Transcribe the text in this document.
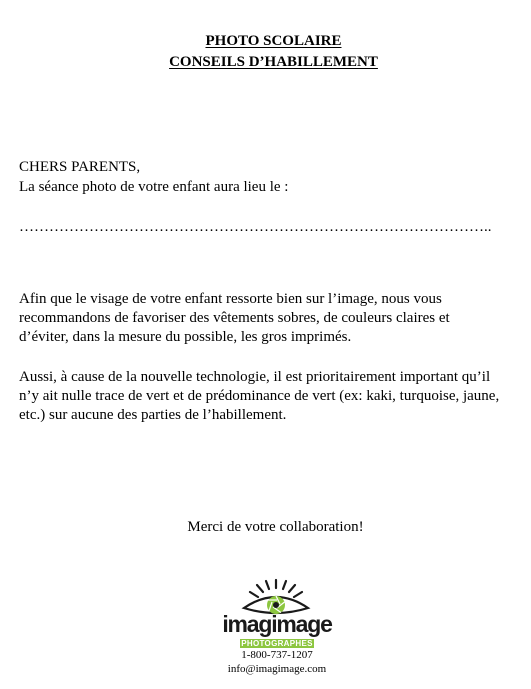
PHOTO SCOLAIRE
CONSEILS D’HABILLEMENT
CHERS PARENTS,
La séance photo de votre enfant aura lieu le :
…………………………………………………………………………………..
Afin que le visage de votre enfant ressorte bien sur l’image, nous vous recommandons de favoriser des vêtements sobres, de couleurs claires et d’éviter, dans la mesure du possible, les gros imprimés.
Aussi, à cause de la nouvelle technologie, il est prioritairement important qu’il n’y ait nulle trace de vert et de prédominance de vert (ex: kaki, turquoise, jaune, etc.) sur aucune des parties de l’habillement.
Merci de votre collaboration!
imagimage
PHOTOGRAPHES
1-800-737-1207
info@imagimage.com
